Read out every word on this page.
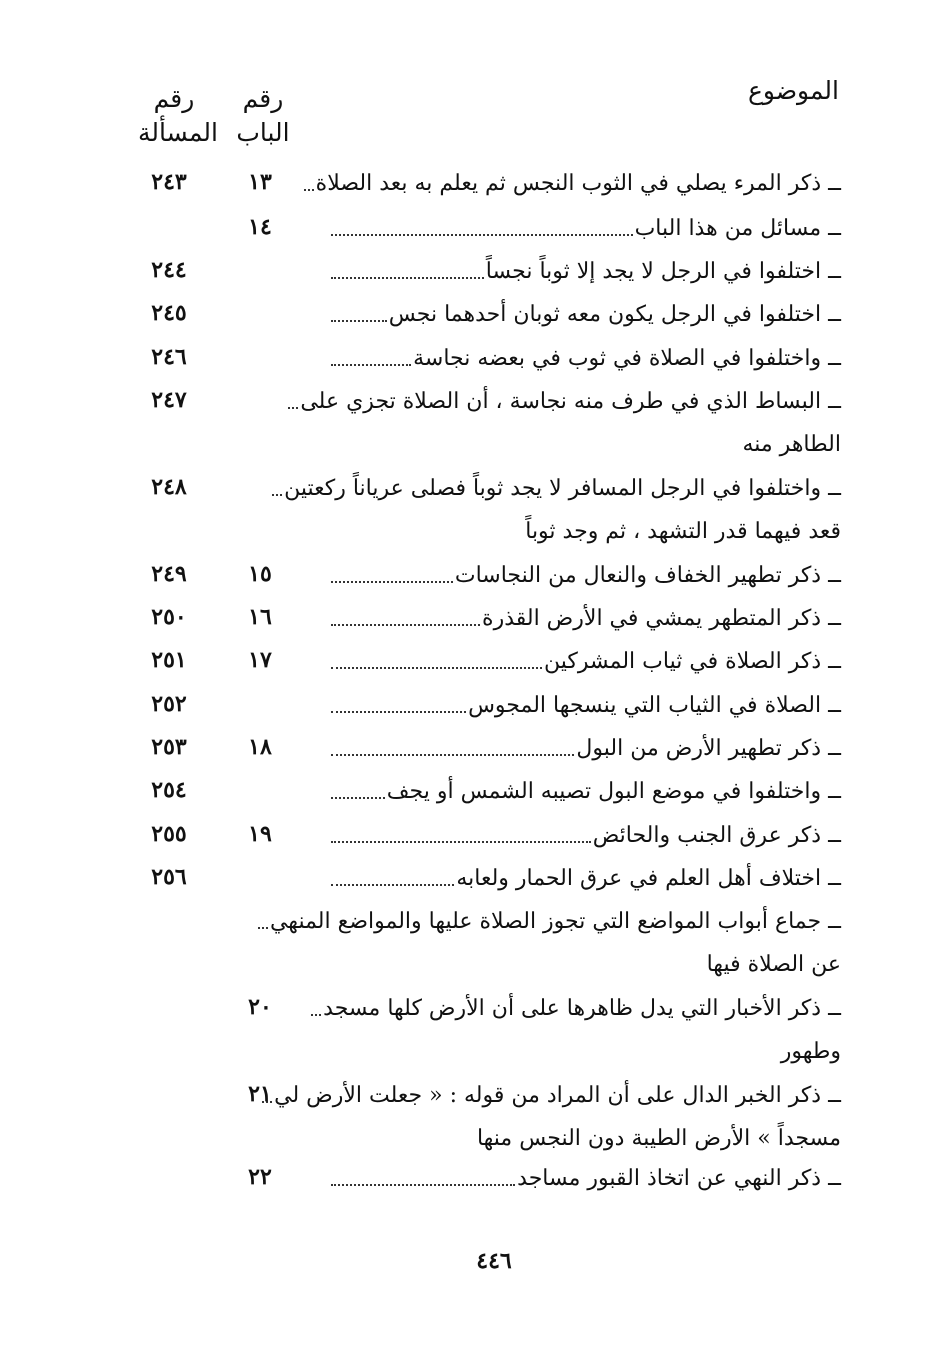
الموضوع
رقم
الباب
رقم
المسألة
ــ ذكر المرء يصلي في الثوب النجس ثم يعلم به بعد الصلاة
١٣
٢٤٣
ــ مسائل من هذا الباب
١٤
ــ اختلفوا في الرجل لا يجد إلا ثوباً نجساً
٢٤٤
ــ اختلفوا في الرجل يكون معه ثوبان أحدهما نجس
٢٤٥
ــ واختلفوا في الصلاة في ثوب في بعضه نجاسة
٢٤٦
ــ البساط الذي في طرف منه نجاسة ، أن الصلاة تجزي على
الطاهر منه
٢٤٧
ــ واختلفوا في الرجل المسافر لا يجد ثوباً فصلى عرياناً ركعتين
قعد فيهما قدر التشهد ، ثم وجد ثوباً
٢٤٨
ــ ذكر تطهير الخفاف والنعال من النجاسات
١٥
٢٤٩
ــ ذكر المتطهر يمشي في الأرض القذرة
١٦
٢٥٠
ــ ذكر الصلاة في ثياب المشركين
١٧
٢٥١
ــ الصلاة في الثياب التي ينسجها المجوس
٢٥٢
ــ ذكر تطهير الأرض من البول
١٨
٢٥٣
ــ واختلفوا في موضع البول تصيبه الشمس أو يجف
٢٥٤
ــ ذكر عرق الجنب والحائض
١٩
٢٥٥
ــ اختلاف أهل العلم في عرق الحمار ولعابه
٢٥٦
ــ جماع أبواب المواضع التي تجوز الصلاة عليها والمواضع المنهي
عن الصلاة فيها
ــ ذكر الأخبار التي يدل ظاهرها على أن الأرض كلها مسجد
وطهور
٢٠
ــ ذكر الخبر الدال على أن المراد من قوله : « جعلت الأرض لي
مسجداً » الأرض الطيبة دون النجس منها
٢١
ــ ذكر النهي عن اتخاذ القبور مساجد
٢٢
٤٤٦
